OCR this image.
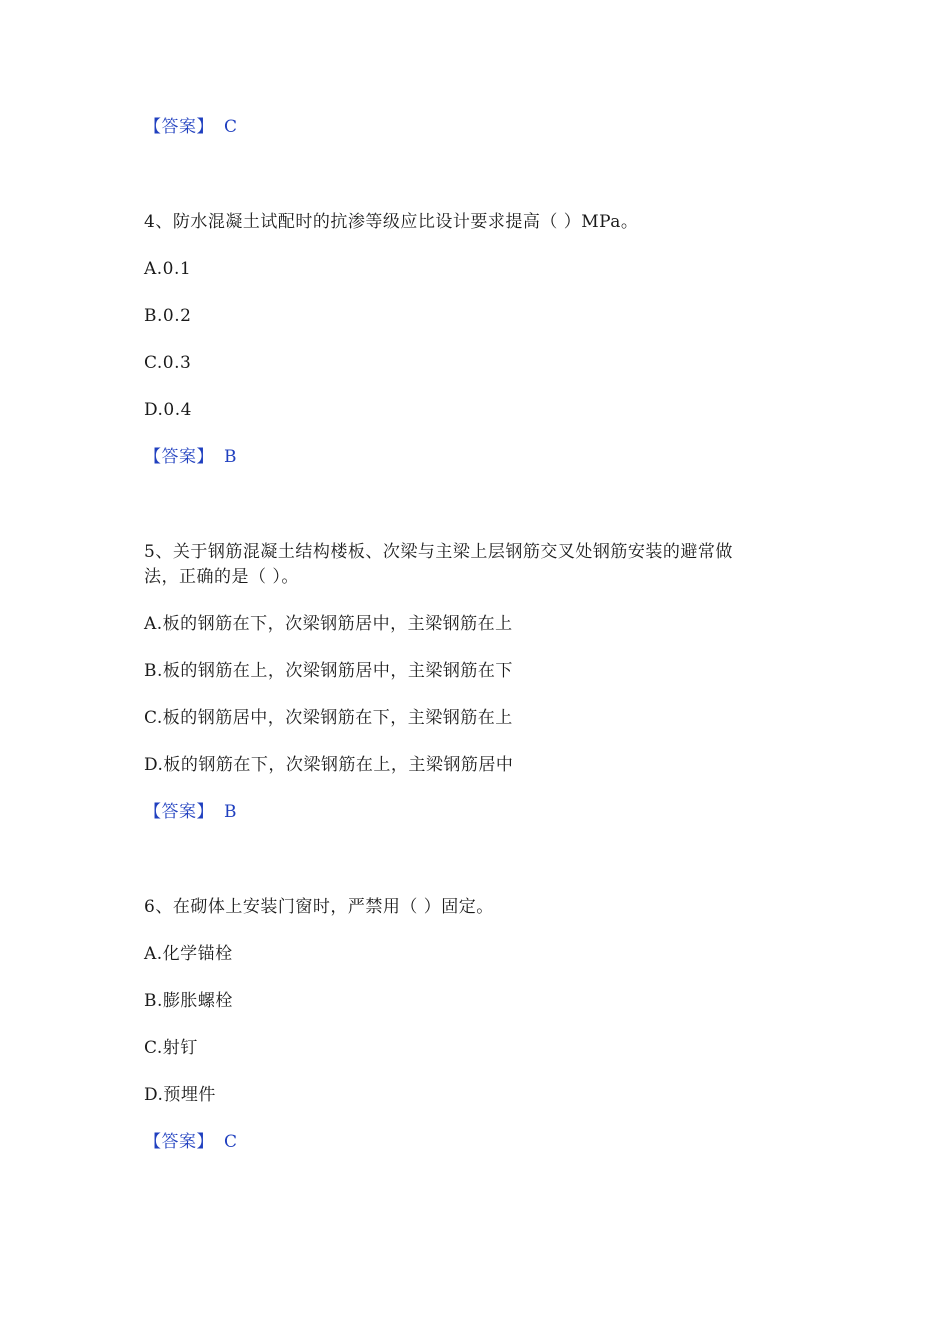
【答案】 C
4、防水混凝土试配时的抗渗等级应比设计要求提高（ ）MPa。
A.0.1
B.0.2
C.0.3
D.0.4
【答案】 B
5、关于钢筋混凝土结构楼板、次梁与主梁上层钢筋交叉处钢筋安装的避常做
法，正确的是（ ）。
A.板的钢筋在下，次梁钢筋居中，主梁钢筋在上
B.板的钢筋在上，次梁钢筋居中，主梁钢筋在下
C.板的钢筋居中，次梁钢筋在下，主梁钢筋在上
D.板的钢筋在下，次梁钢筋在上，主梁钢筋居中
【答案】 B
6、在砌体上安装门窗时，严禁用（ ）固定。
A.化学锚栓
B.膨胀螺栓
C.射钉
D.预埋件
【答案】 C
